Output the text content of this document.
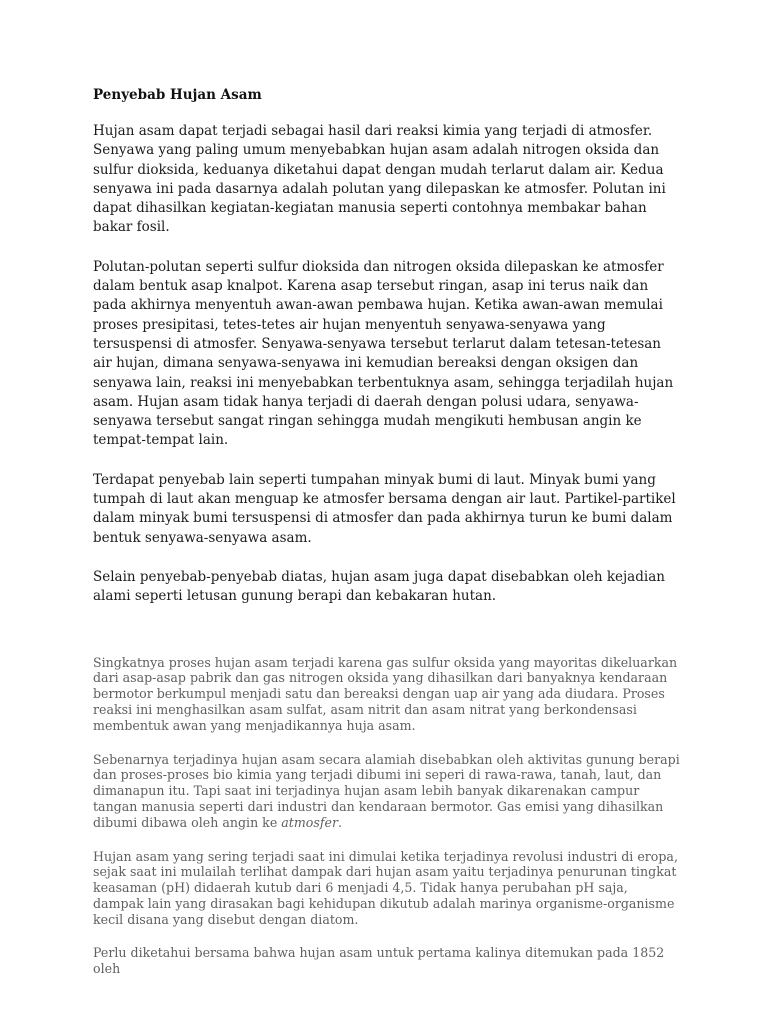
Penyebab Hujan Asam

Hujan asam dapat terjadi sebagai hasil dari reaksi kimia yang terjadi di atmosfer. Senyawa yang paling umum menyebabkan hujan asam adalah nitrogen oksida dan sulfur dioksida, keduanya diketahui dapat dengan mudah terlarut dalam air. Kedua senyawa ini pada dasarnya adalah polutan yang dilepaskan ke atmosfer. Polutan ini dapat dihasilkan kegiatan-kegiatan manusia seperti contohnya membakar bahan bakar fosil.

Polutan-polutan seperti sulfur dioksida dan nitrogen oksida dilepaskan ke atmosfer dalam bentuk asap knalpot. Karena asap tersebut ringan, asap ini terus naik dan pada akhirnya menyentuh awan-awan pembawa hujan. Ketika awan-awan memulai proses presipitasi, tetes-tetes air hujan menyentuh senyawa-senyawa yang tersuspensi di atmosfer. Senyawa-senyawa tersebut terlarut dalam tetesan-tetesan air hujan, dimana senyawa-senyawa ini kemudian bereaksi dengan oksigen dan senyawa lain, reaksi ini menyebabkan terbentuknya asam, sehingga terjadilah hujan asam. Hujan asam tidak hanya terjadi di daerah dengan polusi udara, senyawa-senyawa tersebut sangat ringan sehingga mudah mengikuti hembusan angin ke tempat-tempat lain.

Terdapat penyebab lain seperti tumpahan minyak bumi di laut. Minyak bumi yang tumpah di laut akan menguap ke atmosfer bersama dengan air laut. Partikel-partikel dalam minyak bumi tersuspensi di atmosfer dan pada akhirnya turun ke bumi dalam bentuk senyawa-senyawa asam.

Selain penyebab-penyebab diatas, hujan asam juga dapat disebabkan oleh kejadian alami seperti letusan gunung berapi dan kebakaran hutan.

Singkatnya proses hujan asam terjadi karena gas sulfur oksida yang mayoritas dikeluarkan dari asap-asap pabrik dan gas nitrogen oksida yang dihasilkan dari banyaknya kendaraan bermotor berkumpul menjadi satu dan bereaksi dengan uap air yang ada diudara. Proses reaksi ini menghasilkan asam sulfat, asam nitrit dan asam nitrat yang berkondensasi membentuk awan yang menjadikannya huja asam.

Sebenarnya terjadinya hujan asam secara alamiah disebabkan oleh aktivitas gunung berapi dan proses-proses bio kimia yang terjadi dibumi ini seperi di rawa-rawa, tanah, laut, dan dimanapun itu. Tapi saat ini terjadinya hujan asam lebih banyak dikarenakan campur tangan manusia seperti dari industri dan kendaraan bermotor. Gas emisi yang dihasilkan dibumi dibawa oleh angin ke atmosfer.

Hujan asam yang sering terjadi saat ini dimulai ketika terjadinya revolusi industri di eropa, sejak saat ini mulailah terlihat dampak dari hujan asam yaitu terjadinya penurunan tingkat keasaman (pH) didaerah kutub dari 6 menjadi 4,5. Tidak hanya perubahan pH saja, dampak lain yang dirasakan bagi kehidupan dikutub adalah marinya organisme-organisme kecil disana yang disebut dengan diatom.

Perlu diketahui bersama bahwa hujan asam untuk pertama kalinya ditemukan pada 1852 oleh
